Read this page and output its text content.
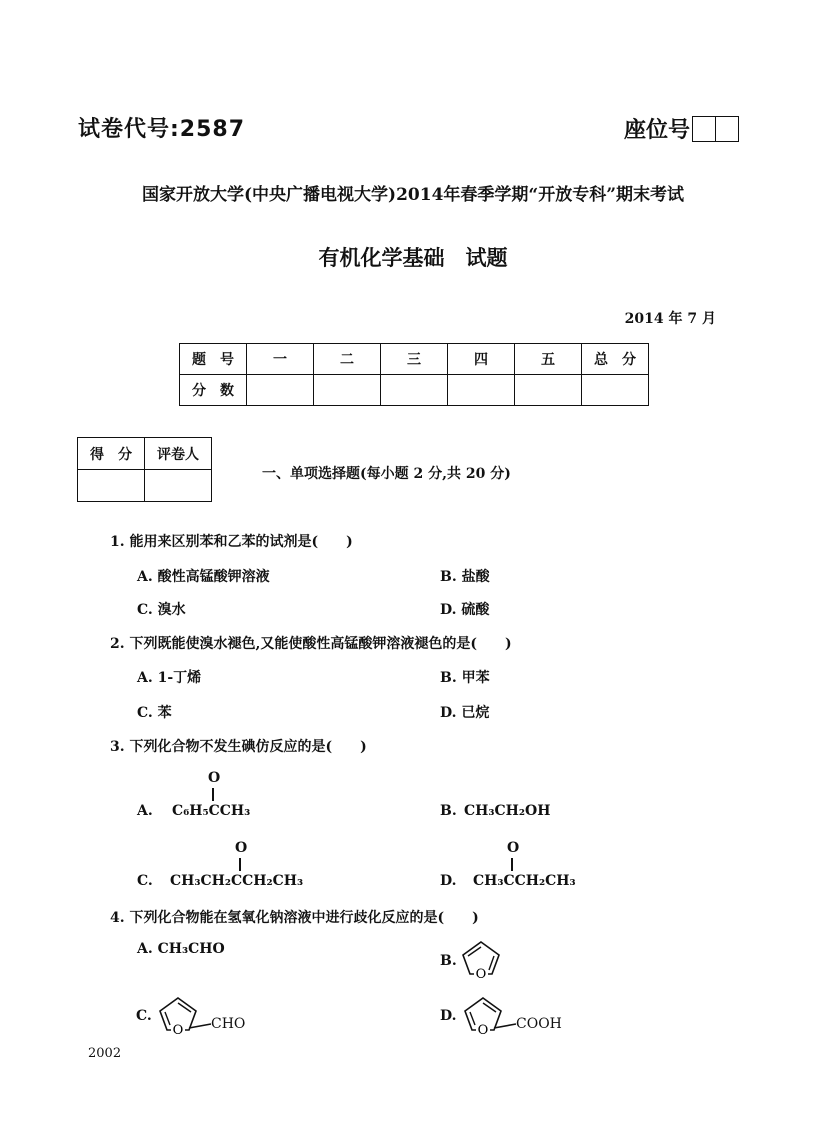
试卷代号:2587	座位号
国家开放大学(中央广播电视大学)2014年春季学期“开放专科”期末考试
有机化学基础　试题
2014 年 7 月
题　号	一	二	三	四	五	总　分
分　数						
得　分	评卷人

一、单项选择题(每小题 2 分,共 20 分)
1. 能用来区别苯和乙苯的试剂是(　　)
A. 酸性高锰酸钾溶液	B. 盐酸
C. 溴水	D. 硫酸
2. 下列既能使溴水褪色,又能使酸性高锰酸钾溶液褪色的是(　　)
A. 1-丁烯	B. 甲苯
C. 苯	D. 已烷
3. 下列化合物不发生碘仿反应的是(　　)
A.
O
C₆H₅CCH₃	B. CH₃CH₂OH
C.
O
CH₃CH₂CCH₂CH₃	D.
O
CH₃CCH₂CH₃
4. 下列化合物能在氢氧化钠溶液中进行歧化反应的是(　　)
A. CH₃CHO
B.
O
C.
O CHO	D.
O COOH
2002
